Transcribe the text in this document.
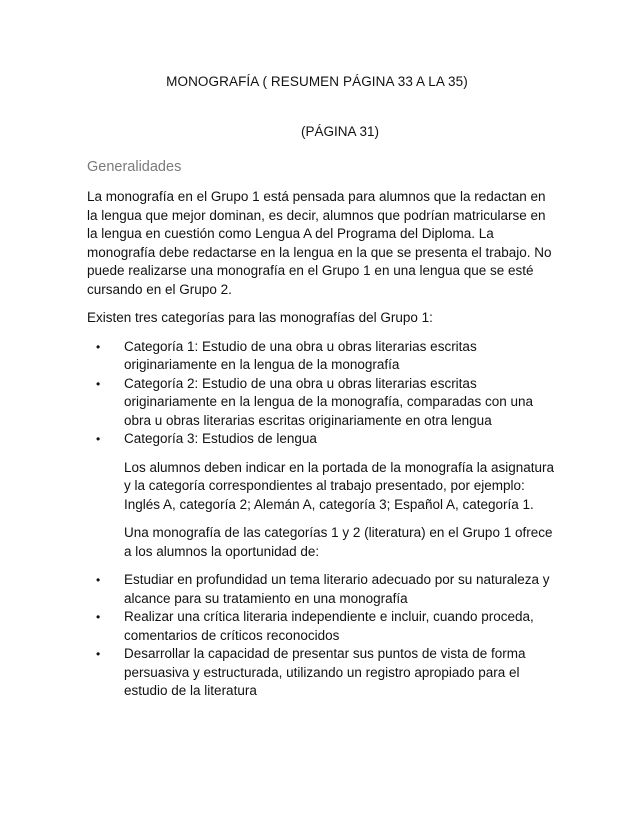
MONOGRAFÍA ( RESUMEN PÁGINA 33 A LA 35)
(PÁGINA 31)
Generalidades

La monografía en el Grupo 1 está pensada para alumnos que la redactan en la lengua que mejor dominan, es decir, alumnos que podrían matricularse en la lengua en cuestión como Lengua A del Programa del Diploma. La monografía debe redactarse en la lengua en la que se presenta el trabajo. No puede realizarse una monografía en el Grupo 1 en una lengua que se esté cursando en el Grupo 2.

Existen tres categorías para las monografías del Grupo 1:

• Categoría 1: Estudio de una obra u obras literarias escritas originariamente en la lengua de la monografía
• Categoría 2: Estudio de una obra u obras literarias escritas originariamente en la lengua de la monografía, comparadas con una obra u obras literarias escritas originariamente en otra lengua
• Categoría 3: Estudios de lengua

Los alumnos deben indicar en la portada de la monografía la asignatura y la categoría correspondientes al trabajo presentado, por ejemplo: Inglés A, categoría 2; Alemán A, categoría 3; Español A, categoría 1.

Una monografía de las categorías 1 y 2 (literatura) en el Grupo 1 ofrece a los alumnos la oportunidad de:

• Estudiar en profundidad un tema literario adecuado por su naturaleza y alcance para su tratamiento en una monografía
• Realizar una crítica literaria independiente e incluir, cuando proceda, comentarios de críticos reconocidos
• Desarrollar la capacidad de presentar sus puntos de vista de forma persuasiva y estructurada, utilizando un registro apropiado para el estudio de la literatura
